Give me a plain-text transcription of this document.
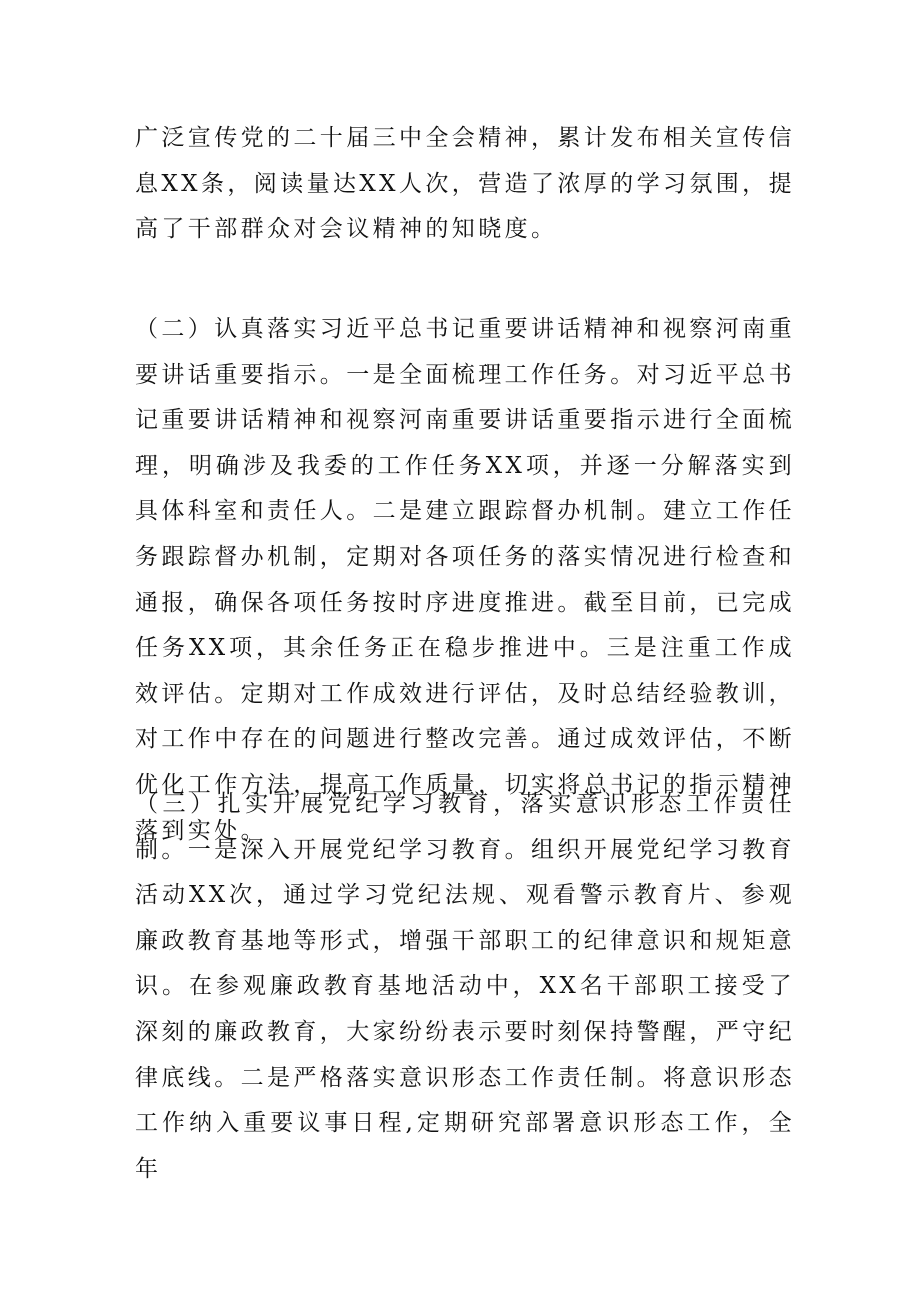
广泛宣传党的二十届三中全会精神，累计发布相关宣传信息XX条，阅读量达XX人次，营造了浓厚的学习氛围，提高了干部群众对会议精神的知晓度。

（二）认真落实习近平总书记重要讲话精神和视察河南重要讲话重要指示。一是全面梳理工作任务。对习近平总书记重要讲话精神和视察河南重要讲话重要指示进行全面梳理，明确涉及我委的工作任务XX项，并逐一分解落实到具体科室和责任人。二是建立跟踪督办机制。建立工作任务跟踪督办机制，定期对各项任务的落实情况进行检查和通报，确保各项任务按时序进度推进。截至目前，已完成任务XX项，其余任务正在稳步推进中。三是注重工作成效评估。定期对工作成效进行评估，及时总结经验教训，对工作中存在的问题进行整改完善。通过成效评估，不断优化工作方法，提高工作质量，切实将总书记的指示精神落到实处。

（三）扎实开展党纪学习教育，落实意识形态工作责任制。一是深入开展党纪学习教育。组织开展党纪学习教育活动XX次，通过学习党纪法规、观看警示教育片、参观廉政教育基地等形式，增强干部职工的纪律意识和规矩意识。在参观廉政教育基地活动中，XX名干部职工接受了深刻的廉政教育，大家纷纷表示要时刻保持警醒，严守纪律底线。二是严格落实意识形态工作责任制。将意识形态工作纳入重要议事日程,定期研究部署意识形态工作，全年
